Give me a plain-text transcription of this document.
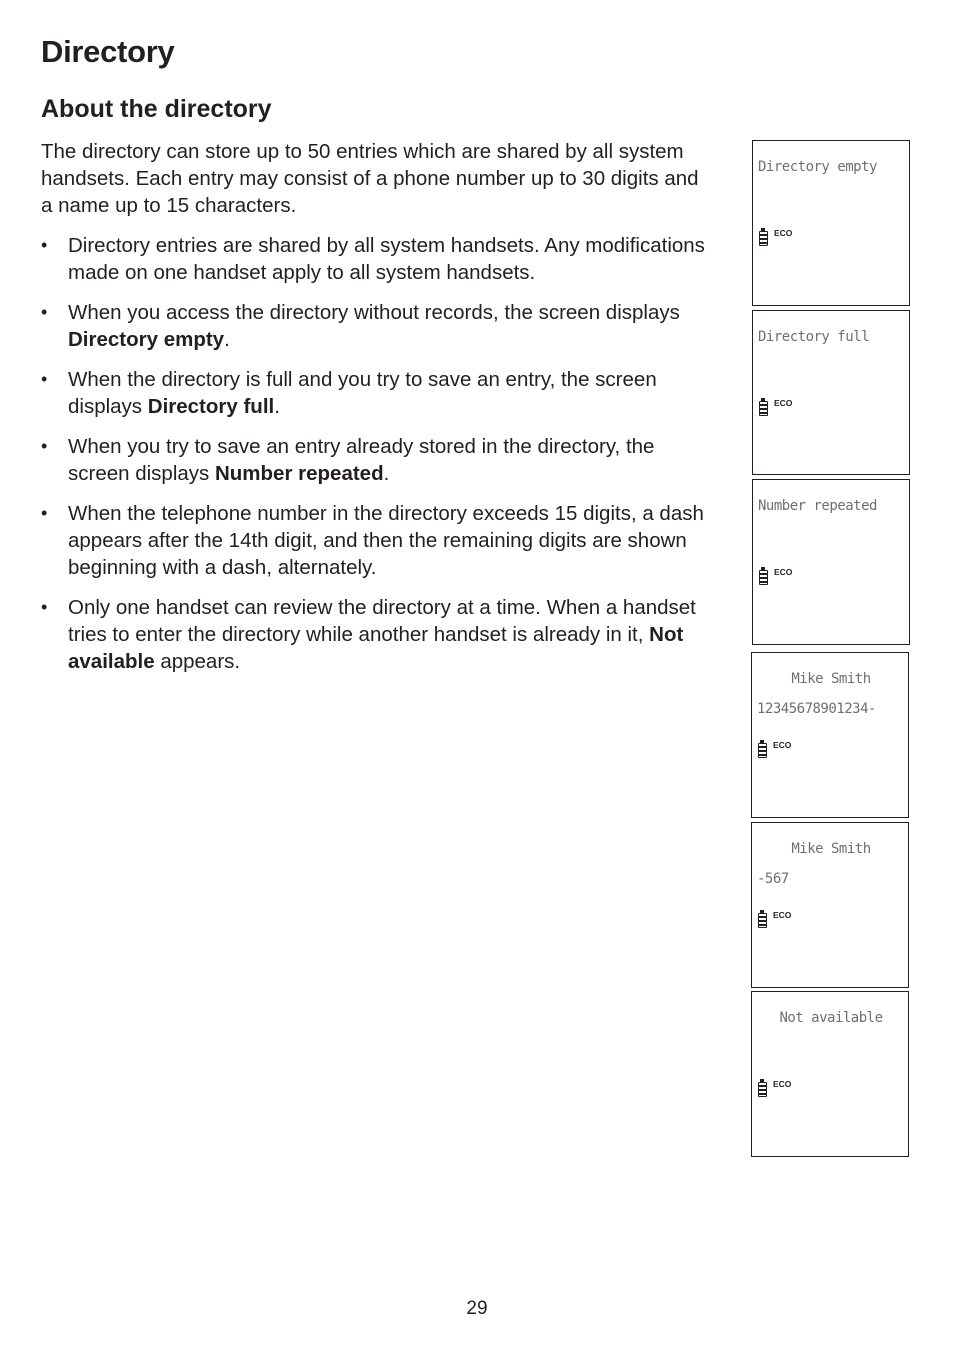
Directory
About the directory

The directory can store up to 50 entries which are shared by all system handsets. Each entry may consist of a phone number up to 30 digits and a name up to 15 characters.

• Directory entries are shared by all system handsets. Any modifications made on one handset apply to all system handsets.
• When you access the directory without records, the screen displays Directory empty.
• When the directory is full and you try to save an entry, the screen displays Directory full.
• When you try to save an entry already stored in the directory, the screen displays Number repeated.
• When the telephone number in the directory exceeds 15 digits, a dash appears after the 14th digit, and then the remaining digits are shown beginning with a dash, alternately.
• Only one handset can review the directory at a time. When a handset tries to enter the directory while another handset is already in it, Not available appears.

Directory empty

ECO

Directory full

ECO

Number repeated

ECO

Mike Smith

12345678901234-

ECO

Mike Smith

-567

ECO

Not available

ECO

29
